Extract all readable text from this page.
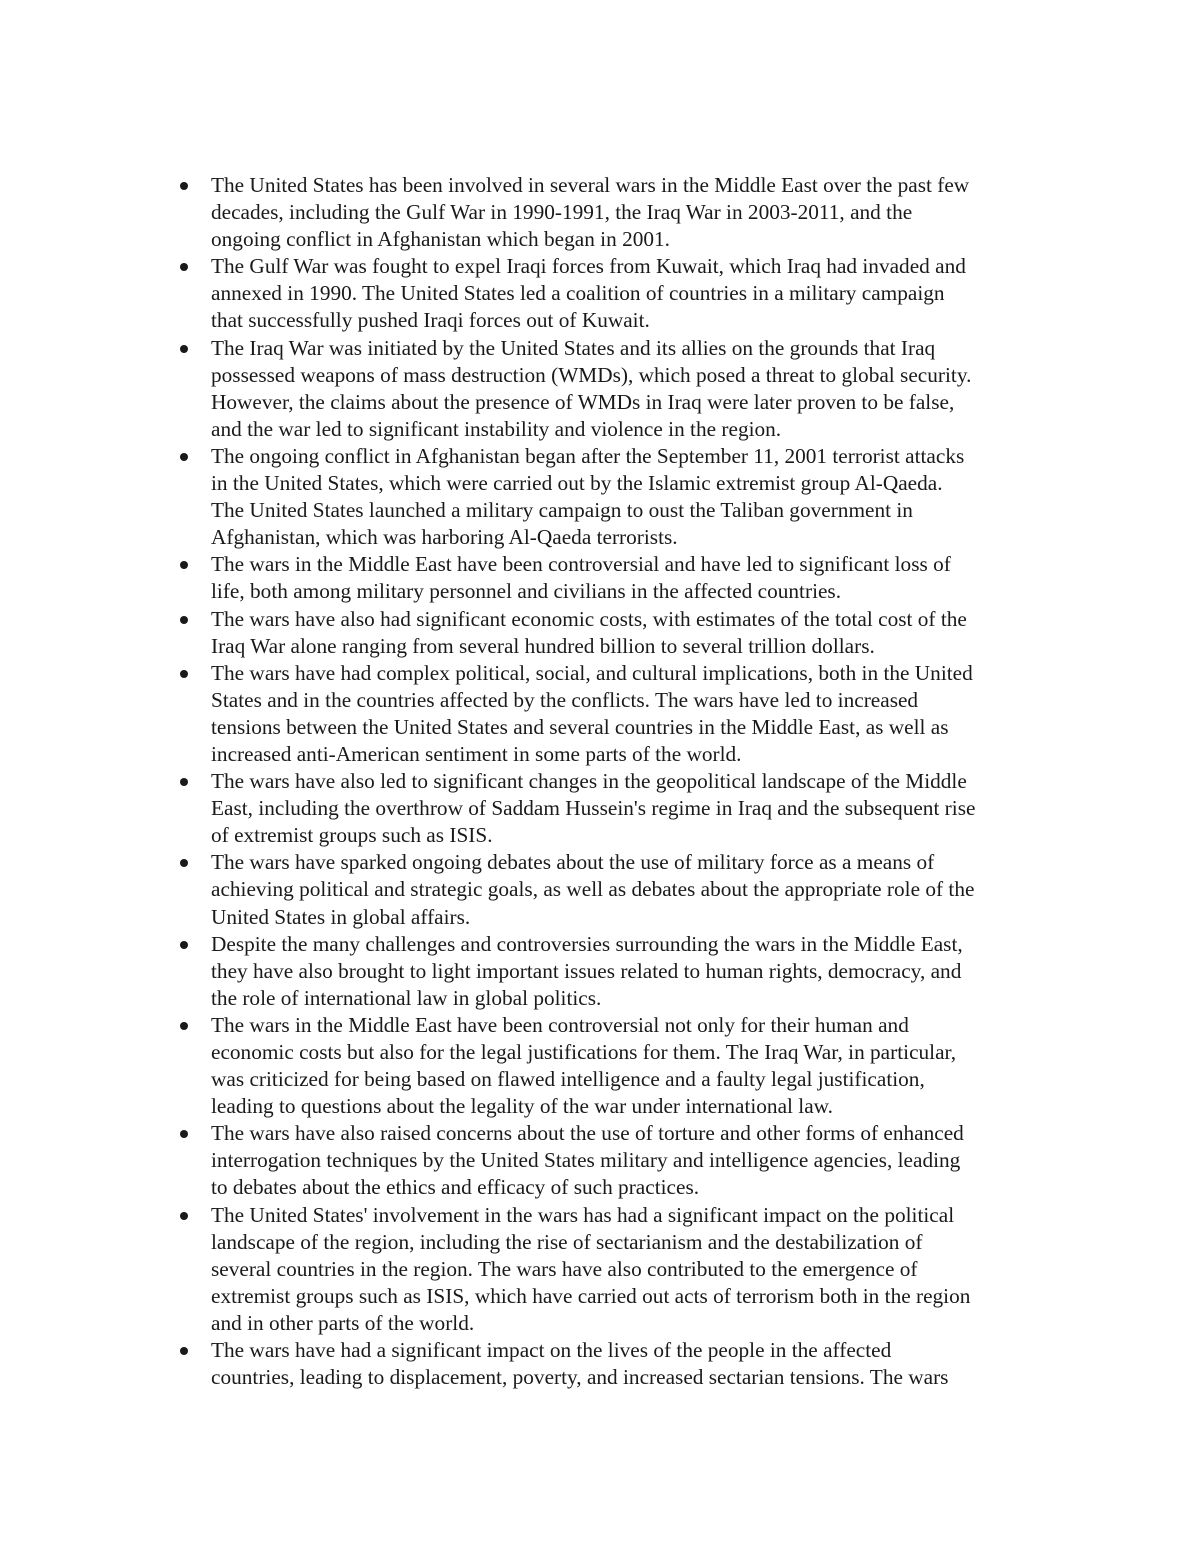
The United States has been involved in several wars in the Middle East over the past few
decades, including the Gulf War in 1990-1991, the Iraq War in 2003-2011, and the
ongoing conflict in Afghanistan which began in 2001.
The Gulf War was fought to expel Iraqi forces from Kuwait, which Iraq had invaded and
annexed in 1990. The United States led a coalition of countries in a military campaign
that successfully pushed Iraqi forces out of Kuwait.
The Iraq War was initiated by the United States and its allies on the grounds that Iraq
possessed weapons of mass destruction (WMDs), which posed a threat to global security.
However, the claims about the presence of WMDs in Iraq were later proven to be false,
and the war led to significant instability and violence in the region.
The ongoing conflict in Afghanistan began after the September 11, 2001 terrorist attacks
in the United States, which were carried out by the Islamic extremist group Al-Qaeda.
The United States launched a military campaign to oust the Taliban government in
Afghanistan, which was harboring Al-Qaeda terrorists.
The wars in the Middle East have been controversial and have led to significant loss of
life, both among military personnel and civilians in the affected countries.
The wars have also had significant economic costs, with estimates of the total cost of the
Iraq War alone ranging from several hundred billion to several trillion dollars.
The wars have had complex political, social, and cultural implications, both in the United
States and in the countries affected by the conflicts. The wars have led to increased
tensions between the United States and several countries in the Middle East, as well as
increased anti-American sentiment in some parts of the world.
The wars have also led to significant changes in the geopolitical landscape of the Middle
East, including the overthrow of Saddam Hussein's regime in Iraq and the subsequent rise
of extremist groups such as ISIS.
The wars have sparked ongoing debates about the use of military force as a means of
achieving political and strategic goals, as well as debates about the appropriate role of the
United States in global affairs.
Despite the many challenges and controversies surrounding the wars in the Middle East,
they have also brought to light important issues related to human rights, democracy, and
the role of international law in global politics.
The wars in the Middle East have been controversial not only for their human and
economic costs but also for the legal justifications for them. The Iraq War, in particular,
was criticized for being based on flawed intelligence and a faulty legal justification,
leading to questions about the legality of the war under international law.
The wars have also raised concerns about the use of torture and other forms of enhanced
interrogation techniques by the United States military and intelligence agencies, leading
to debates about the ethics and efficacy of such practices.
The United States' involvement in the wars has had a significant impact on the political
landscape of the region, including the rise of sectarianism and the destabilization of
several countries in the region. The wars have also contributed to the emergence of
extremist groups such as ISIS, which have carried out acts of terrorism both in the region
and in other parts of the world.
The wars have had a significant impact on the lives of the people in the affected
countries, leading to displacement, poverty, and increased sectarian tensions. The wars
